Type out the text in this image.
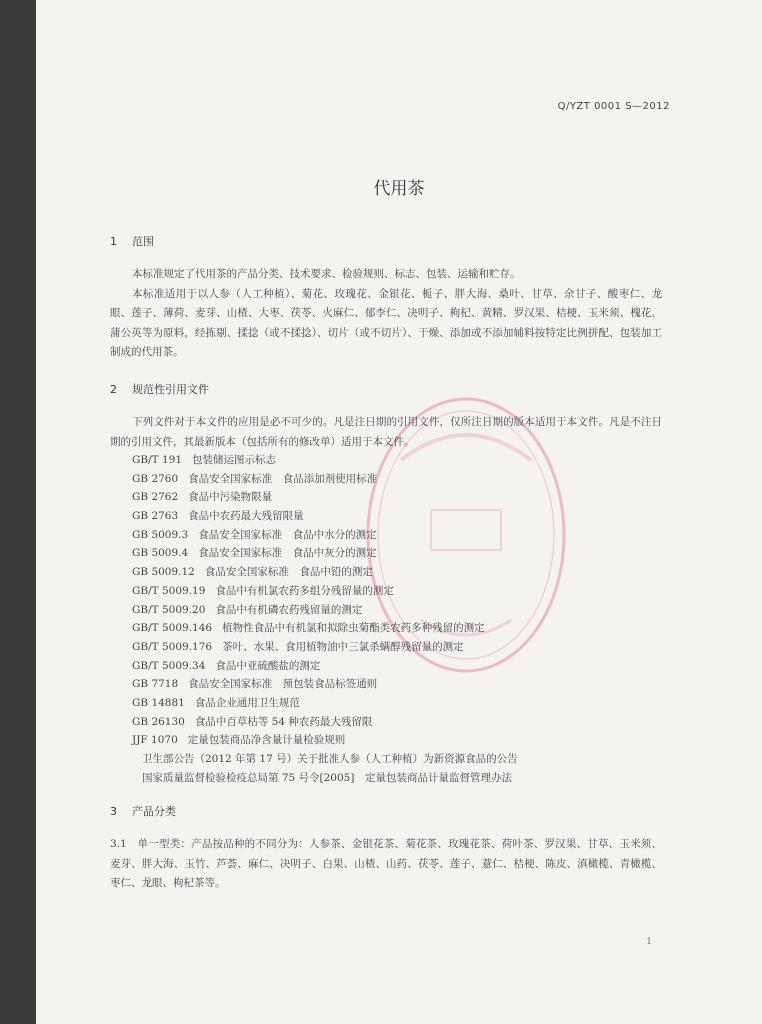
Q/YZT 0001 S—2012
代用茶
1 范围

本标准规定了代用茶的产品分类、技术要求、检验规则、标志、包装、运输和贮存。

本标准适用于以人参（人工种植）、菊花、玫瑰花、金银花、栀子、胖大海、桑叶、甘草、余甘子、酸枣仁、龙眼、莲子、薄荷、麦芽、山楂、大枣、茯苓、火麻仁、郁李仁、决明子、枸杞、黄精、罗汉果、桔梗、玉米须、槐花、蒲公英等为原料，经拣剔、揉捻（或不揉捻）、切片（或不切片）、干燥、添加或不添加辅料按特定比例拼配、包装加工制成的代用茶。

2 规范性引用文件

下列文件对于本文件的应用是必不可少的。凡是注日期的引用文件，仅所注日期的版本适用于本文件。凡是不注日期的引用文件，其最新版本（包括所有的修改单）适用于本文件。

GB/T 191 包装储运图示标志
GB 2760 食品安全国家标准　食品添加剂使用标准
GB 2762 食品中污染物限量
GB 2763 食品中农药最大残留限量
GB 5009.3 食品安全国家标准　食品中水分的测定
GB 5009.4 食品安全国家标准　食品中灰分的测定
GB 5009.12 食品安全国家标准　食品中铅的测定
GB/T 5009.19 食品中有机氯农药多组分残留量的测定
GB/T 5009.20 食品中有机磷农药残留量的测定
GB/T 5009.146 植物性食品中有机氯和拟除虫菊酯类农药多种残留的测定
GB/T 5009.176 茶叶、水果、食用植物油中三氯杀螨醇残留量的测定
GB/T 5009.34 食品中亚硫酸盐的测定
GB 7718 食品安全国家标准　预包装食品标签通则
GB 14881 食品企业通用卫生规范
GB 26130 食品中百草枯等 54 种农药最大残留限
JJF 1070 定量包装商品净含量计量检验规则
卫生部公告（2012 年第 17 号）关于批准人参（人工种植）为新资源食品的公告
国家质量监督检验检疫总局第 75 号令[2005]　定量包装商品计量监督管理办法
3 产品分类

3.1　单一型类：产品按品种的不同分为：人参茶、金银花茶、菊花茶、玫瑰花茶、荷叶茶、罗汉果、甘草、玉米须、麦芽、胖大海、玉竹、芦荟、麻仁、决明子、白果、山楂、山药、茯苓、莲子、薏仁、桔梗、陈皮、滇橄榄、青橄榄、枣仁、龙眼、枸杞茶等。

1
